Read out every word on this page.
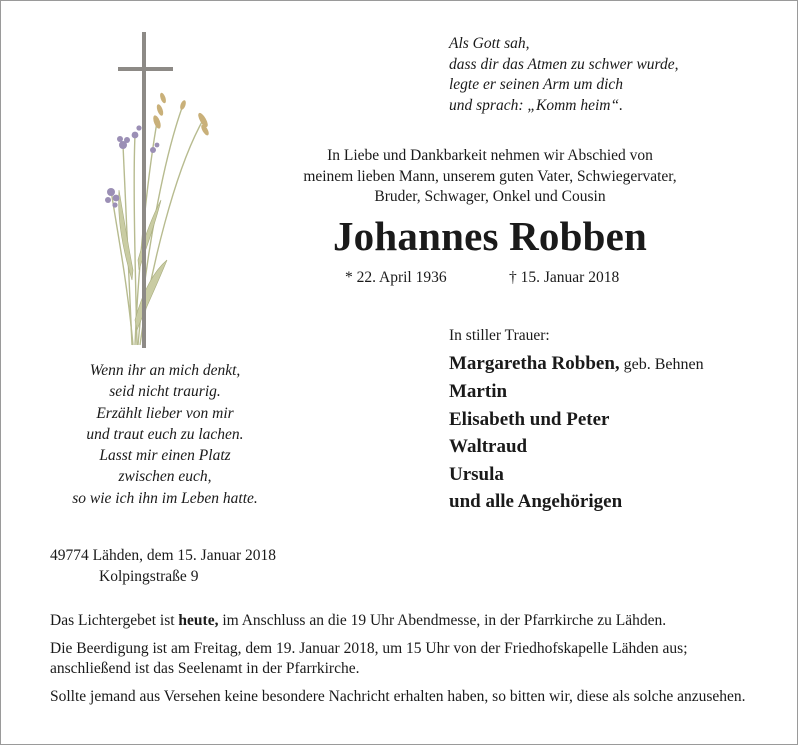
Als Gott sah,
dass dir das Atmen zu schwer wurde,
legte er seinen Arm um dich
und sprach: „Komm heim“.
In Liebe und Dankbarkeit nehmen wir Abschied von
meinem lieben Mann, unserem guten Vater, Schwiegervater,
Bruder, Schwager, Onkel und Cousin
Johannes Robben
* 22. April 1936	† 15. Januar 2018
In stiller Trauer:
Margaretha Robben, geb. Behnen
Martin
Elisabeth und Peter
Waltraud
Ursula
und alle Angehörigen
Wenn ihr an mich denkt,
seid nicht traurig.
Erzählt lieber von mir
und traut euch zu lachen.
Lasst mir einen Platz
zwischen euch,
so wie ich ihn im Leben hatte.
49774 Lähden, dem 15. Januar 2018
Kolpingstraße 9

Das Lichtergebet ist heute, im Anschluss an die 19 Uhr Abendmesse, in der Pfarrkirche zu Lähden.

Die Beerdigung ist am Freitag, dem 19. Januar 2018, um 15 Uhr von der Friedhofskapelle Lähden aus; anschließend ist das Seelenamt in der Pfarrkirche.

Sollte jemand aus Versehen keine besondere Nachricht erhalten haben, so bitten wir, diese als solche anzusehen.
